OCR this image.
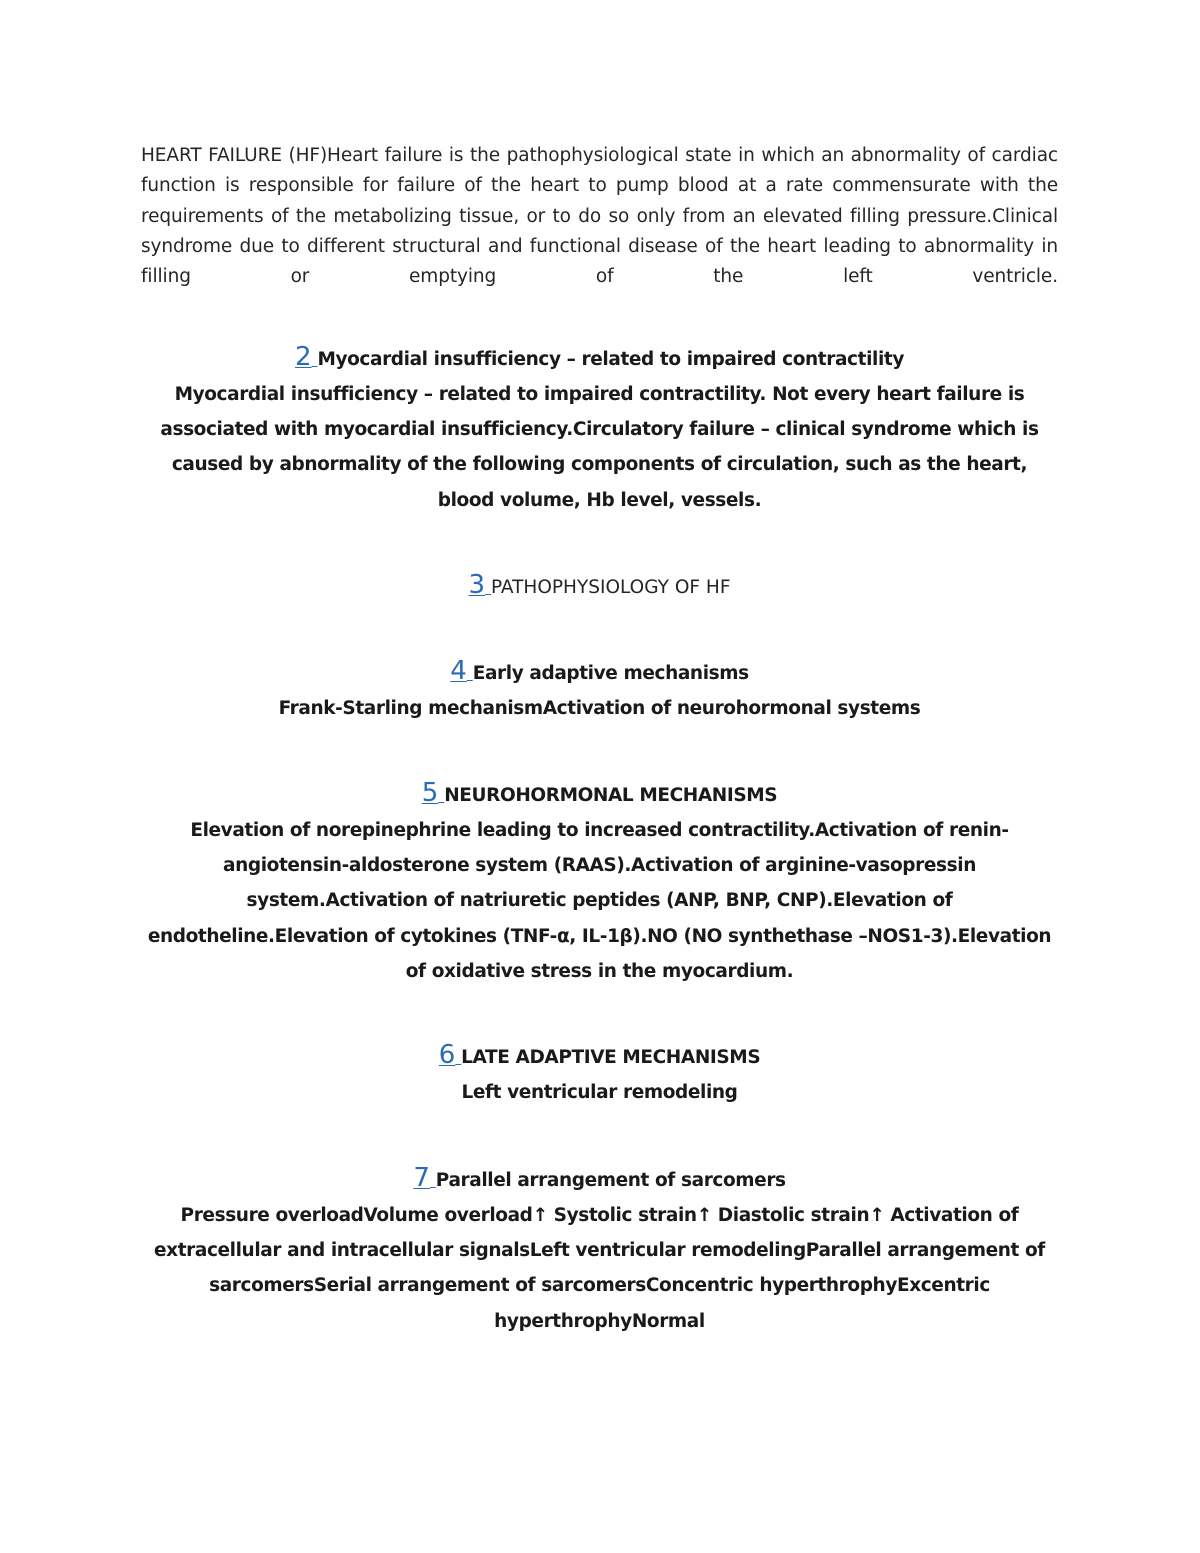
HEART FAILURE (HF)Heart failure is the pathophysiological state in which an abnormality of cardiac function is responsible for failure of the heart to pump blood at a rate commensurate with the requirements of the metabolizing tissue, or to do so only from an elevated filling pressure.Clinical syndrome due to different structural and functional disease of the heart leading to abnormality in filling or emptying of the left ventricle.

2 Myocardial insufficiency – related to impaired contractility

Myocardial insufficiency – related to impaired contractility. Not every heart failure is associated with myocardial insufficiency.Circulatory failure – clinical syndrome which is caused by abnormality of the following components of circulation, such as the heart, blood volume, Hb level, vessels.

3 PATHOPHYSIOLOGY OF HF

4 Early adaptive mechanisms

Frank-Starling mechanismActivation of neurohormonal systems

5 NEUROHORMONAL MECHANISMS

Elevation of norepinephrine leading to increased contractility.Activation of renin-angiotensin-aldosterone system (RAAS).Activation of arginine-vasopressin system.Activation of natriuretic peptides (ANP, BNP, CNP).Elevation of endotheline.Elevation of cytokines (TNF-α, IL-1β).NO (NO synthethase –NOS1-3).Elevation of oxidative stress in the myocardium.

6 LATE ADAPTIVE MECHANISMS

Left ventricular remodeling

7 Parallel arrangement of sarcomers

Pressure overloadVolume overload↑ Systolic strain↑ Diastolic strain↑ Activation of extracellular and intracellular signalsLeft ventricular remodelingParallel arrangement of sarcomersSerial arrangement of sarcomersConcentric hyperthrophyExcentric hyperthrophyNormal
